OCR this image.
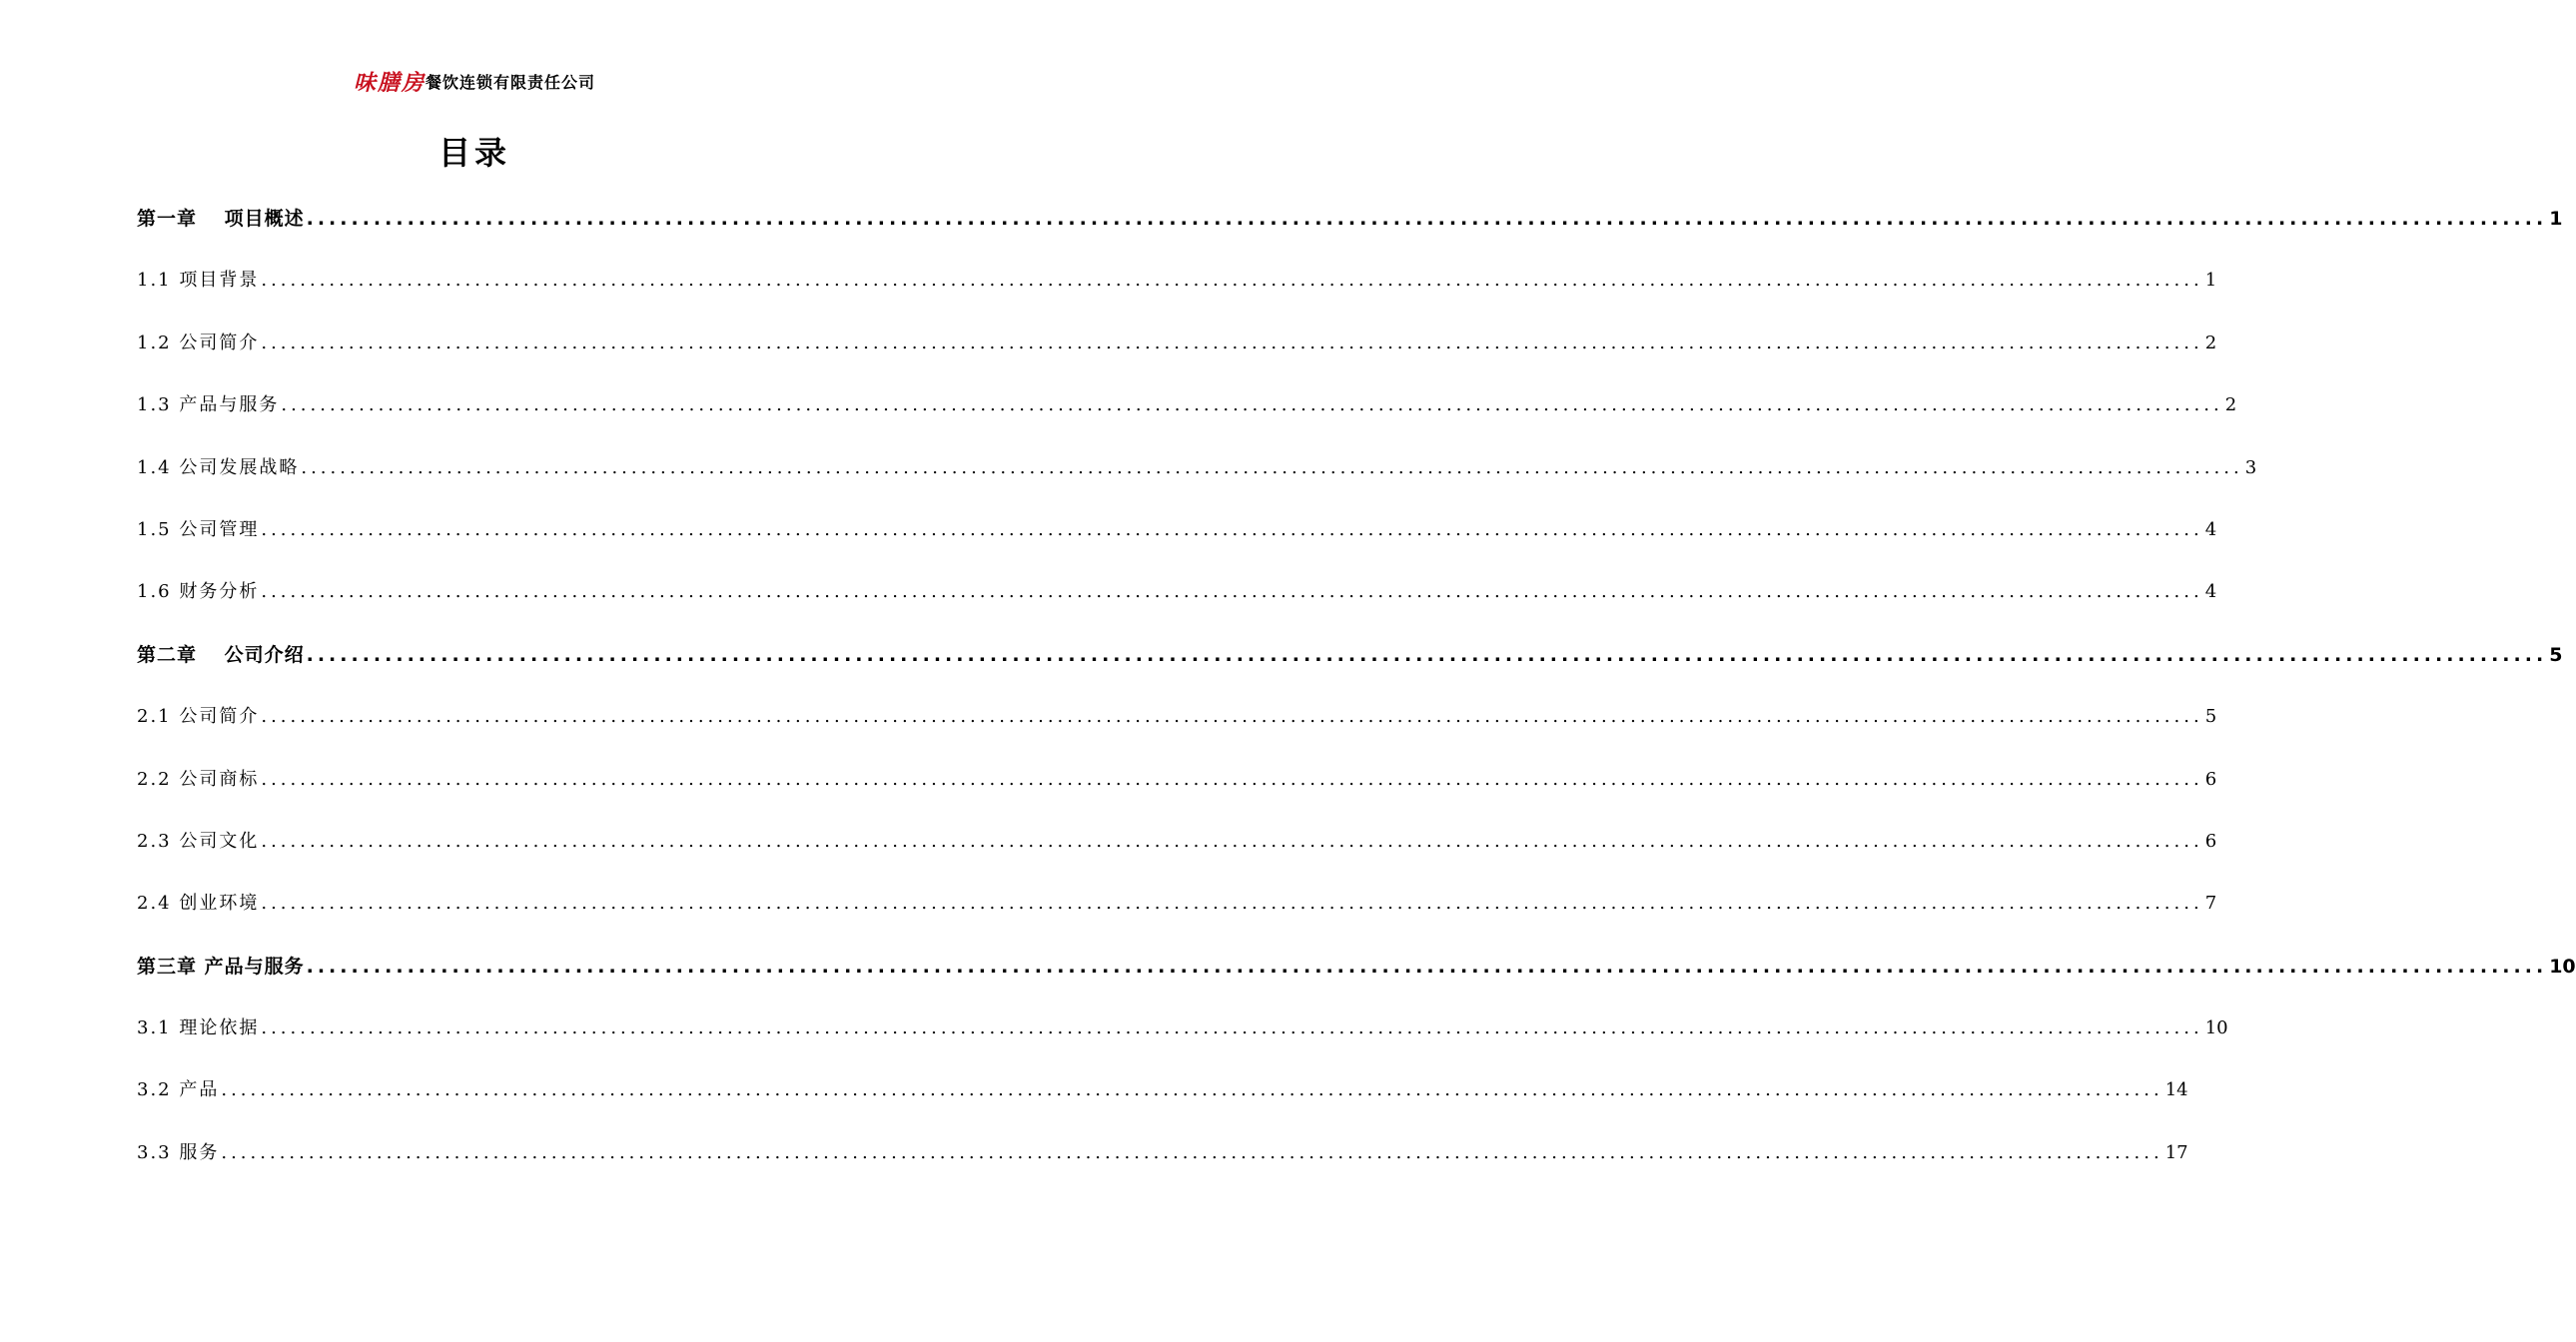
味膳房餐饮连锁有限责任公司
目录
第一章　 项目概述 ........................................................................................................................................................................................................ 1
1.1 项目背景 ........................................................................................................................................................................................................ 1
1.2 公司简介 ........................................................................................................................................................................................................ 2
1.3 产品与服务 ........................................................................................................................................................................................................ 2
1.4 公司发展战略 ........................................................................................................................................................................................................ 3
1.5 公司管理 ........................................................................................................................................................................................................ 4
1.6 财务分析 ........................................................................................................................................................................................................ 4
第二章　 公司介绍 ........................................................................................................................................................................................................ 5
2.1 公司简介 ........................................................................................................................................................................................................ 5
2.2 公司商标 ........................................................................................................................................................................................................ 6
2.3 公司文化 ........................................................................................................................................................................................................ 6
2.4 创业环境 ........................................................................................................................................................................................................ 7
第三章 产品与服务 ........................................................................................................................................................................................................ 10
3.1 理论依据 ........................................................................................................................................................................................................ 10
3.2 产品 ........................................................................................................................................................................................................ 14
3.3 服务 ........................................................................................................................................................................................................ 17
